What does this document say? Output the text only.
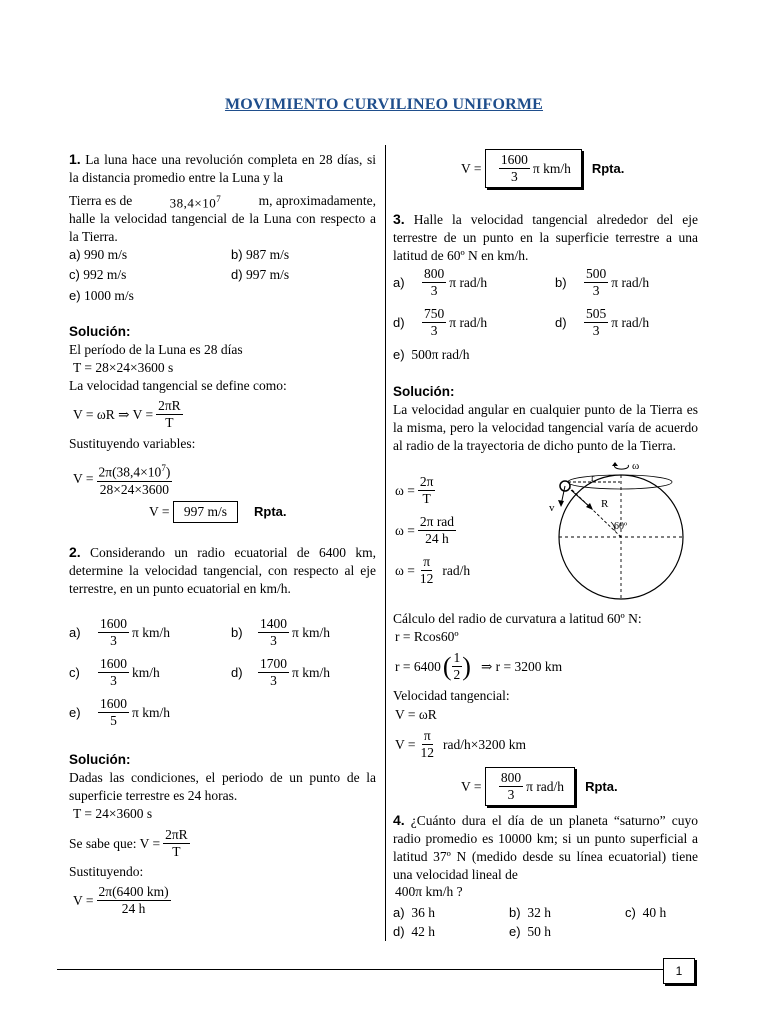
MOVIMIENTO CURVILINEO UNIFORME
1. La luna hace una revolución completa en 28 días, si la distancia promedio entre la Luna y la
Tierra es de	$38,4\times 10^7$	m, aproximadamente,
halle la velocidad tangencial de la Luna con respecto a la Tierra.
a) 990 m/s	b) 987 m/s
c) 992 m/s	d) 997 m/s
e) 1000 m/s
Solución:
El período de la Luna es 28 días
T = 28×24×3600 s
La velocidad tangencial se define como:
V = ωR ⇒ $V = \frac{2\pi R}{T}$
Sustituyendo variables:
$V = \frac{2\pi(38,4\times 10^7)}{28\times 24\times 3600}$
V =
	997 m/s	Rpta.
2. Considerando un radio ecuatorial de 6400 km, determine la velocidad tangencial, con respecto al eje terrestre, en un punto ecuatorial en km/h.
a)	$\frac{1600}{3}$ π km/h	b)	$\frac{1400}{3}$ π km/h
c)	$\frac{1600}{3} km/h$	d)	$\frac{1700}{3}$ π km/h
e)	$\frac{1600}{5}$ π km/h
Solución:
Dadas las condiciones, el periodo de un punto de la superficie terrestre es 24 horas.
T = 24×3600 s
Se sabe que: $V = \frac{2\pi R}{T}$
Sustituyendo:
$V = \frac{2\pi(6400 km)}{24 h}$
V =
$\frac{1600}{3}$ π km/h Rpta.
3. Halle la velocidad tangencial alrededor del eje terrestre de un punto en la superficie terrestre a una latitud de 60º N en km/h.
a)	$\frac{800}{3}$ π rad/h	b)	$\frac{500}{3}$ π rad/h
d)	$\frac{750}{3}$ π rad/h	d)	$\frac{505}{3}$ π rad/h
e) 500π rad/h
Solución:
La velocidad angular en cualquier punto de la Tierra es la misma, pero la velocidad tangencial varía de acuerdo al radio de la trayectoria de dicho punto de la Tierra.
$\omega = \frac{2\pi}{T}$
$\omega = \frac{\text{2π rad}}{24 h}$
$\omega = \frac{\pi}{12} rad/h$
ω
v
r
R
60º
Cálculo del radio de curvatura a latitud 60º N:
r = Rcos60º
r = 6400 ( $\frac{1}{2}$ ) ⇒ r = 3200 km
Velocidad tangencial:
V = ωR
$V = \frac{\pi}{12} rad/h\times 3200$ km
V =
$\frac{800}{3}$ π rad/h Rpta.
4. ¿Cuánto dura el día de un planeta “saturno” cuyo radio promedio es 10000 km; si un punto superficial a latitud 37º N (medido desde su línea ecuatorial) tiene una velocidad lineal de
400π km/h ?
a) 36 h	b) 32 h	c) 40 h
d) 42 h	e) 50 h
1
